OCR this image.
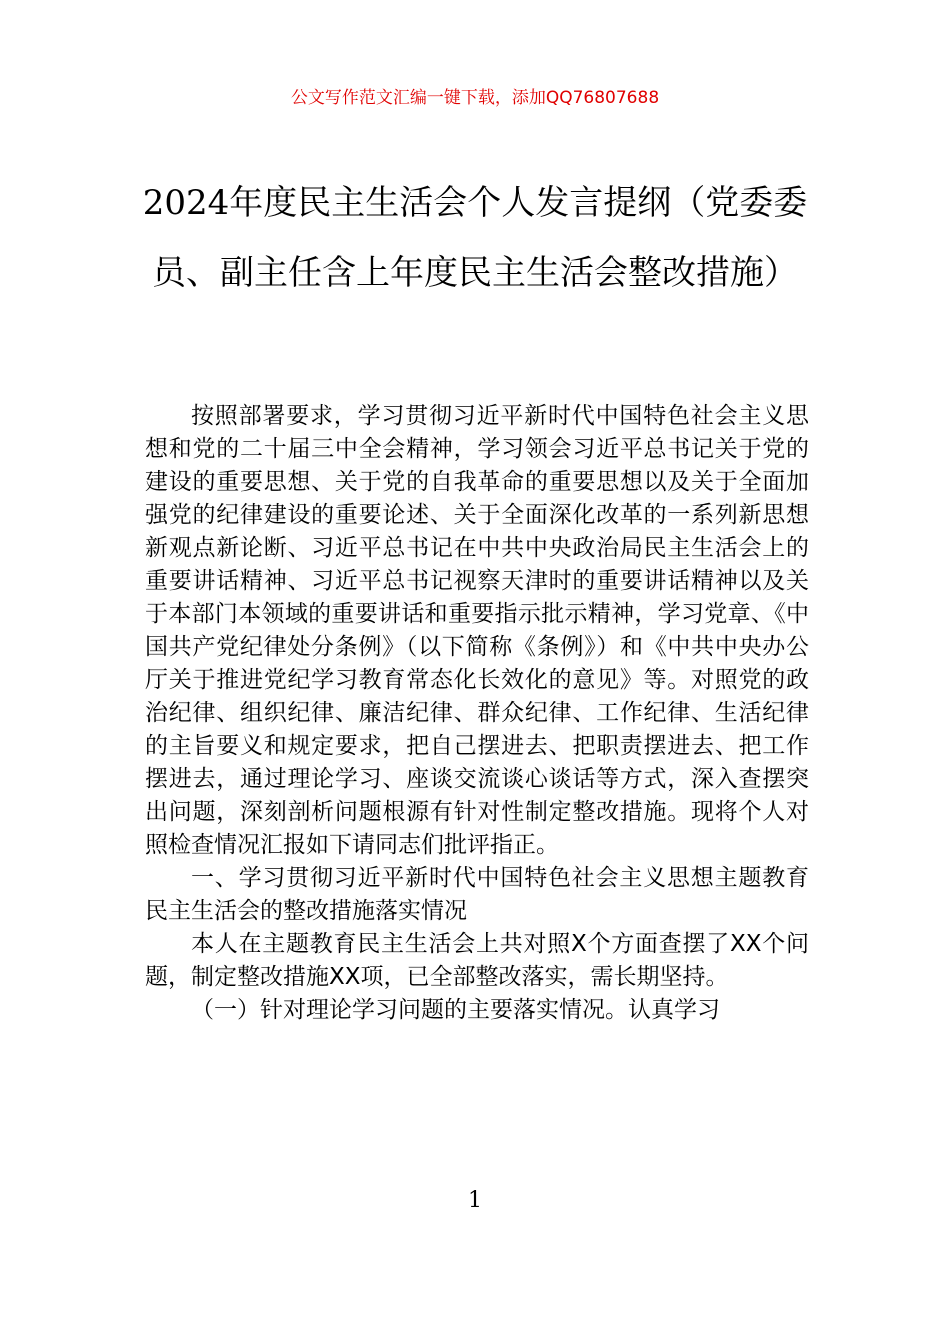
公文写作范文汇编一键下载，添加QQ76807688
2024年度民主生活会个人发言提纲（党委委员、副主任含上年度民主生活会整改措施）

按照部署要求，学习贯彻习近平新时代中国特色社会主义思想和党的二十届三中全会精神，学习领会习近平总书记关于党的建设的重要思想、关于党的自我革命的重要思想以及关于全面加强党的纪律建设的重要论述、关于全面深化改革的一系列新思想新观点新论断、习近平总书记在中共中央政治局民主生活会上的重要讲话精神、习近平总书记视察天津时的重要讲话精神以及关于本部门本领域的重要讲话和重要指示批示精神，学习党章、《中国共产党纪律处分条例》（以下简称《条例》）和《中共中央办公厅关于推进党纪学习教育常态化长效化的意见》等。对照党的政治纪律、组织纪律、廉洁纪律、群众纪律、工作纪律、生活纪律的主旨要义和规定要求，把自己摆进去、把职责摆进去、把工作摆进去，通过理论学习、座谈交流谈心谈话等方式，深入查摆突出问题，深刻剖析问题根源有针对性制定整改措施。现将个人对照检查情况汇报如下请同志们批评指正。

一、学习贯彻习近平新时代中国特色社会主义思想主题教育民主生活会的整改措施落实情况

本人在主题教育民主生活会上共对照X个方面查摆了XX个问题，制定整改措施XX项，已全部整改落实，需长期坚持。

（一）针对理论学习问题的主要落实情况。认真学习

1
